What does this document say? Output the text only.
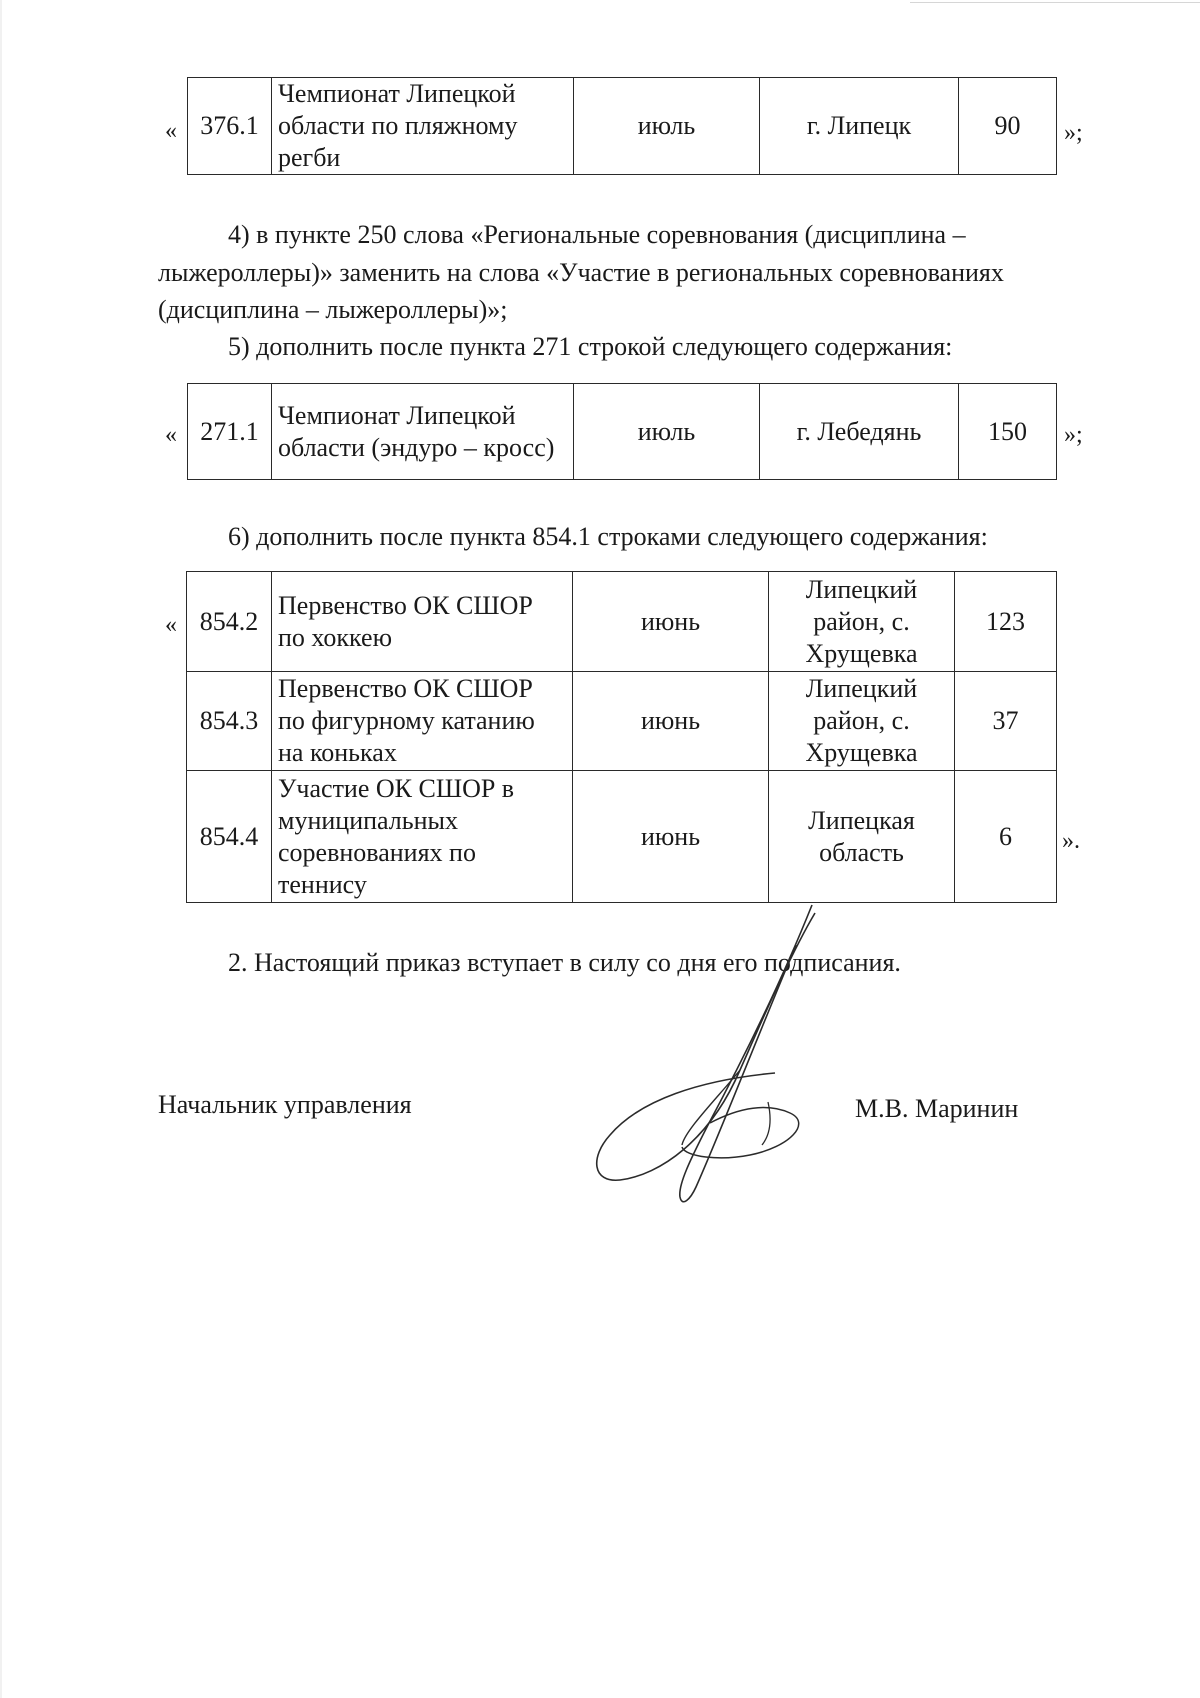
« 376.1	Чемпионат Липецкой области по пляжному регби	июль	г. Липецк	90 »;
4) в пункте 250 слова «Региональные соревнования (дисциплина –
лыжероллеры)» заменить на слова «Участие в региональных соревнованиях
(дисциплина – лыжероллеры)»;
5) дополнить после пункта 271 строкой следующего содержания:
« 271.1	Чемпионат Липецкой области (эндуро – кросс)	июль	г. Лебедянь	150 »;
6) дополнить после пункта 854.1 строками следующего содержания:
« 854.2	Первенство ОК СШОР по хоккею	июнь	Липецкий район, с. Хрущевка	123
854.3	Первенство ОК СШОР по фигурному катанию на коньках	июнь	Липецкий район, с. Хрущевка	37
854.4	Участие ОК СШОР в муниципальных соревнованиях по теннису	июнь	Липецкая область	6 ».
2. Настоящий приказ вступает в силу со дня его подписания.
Начальник управления	М.В. Маринин
